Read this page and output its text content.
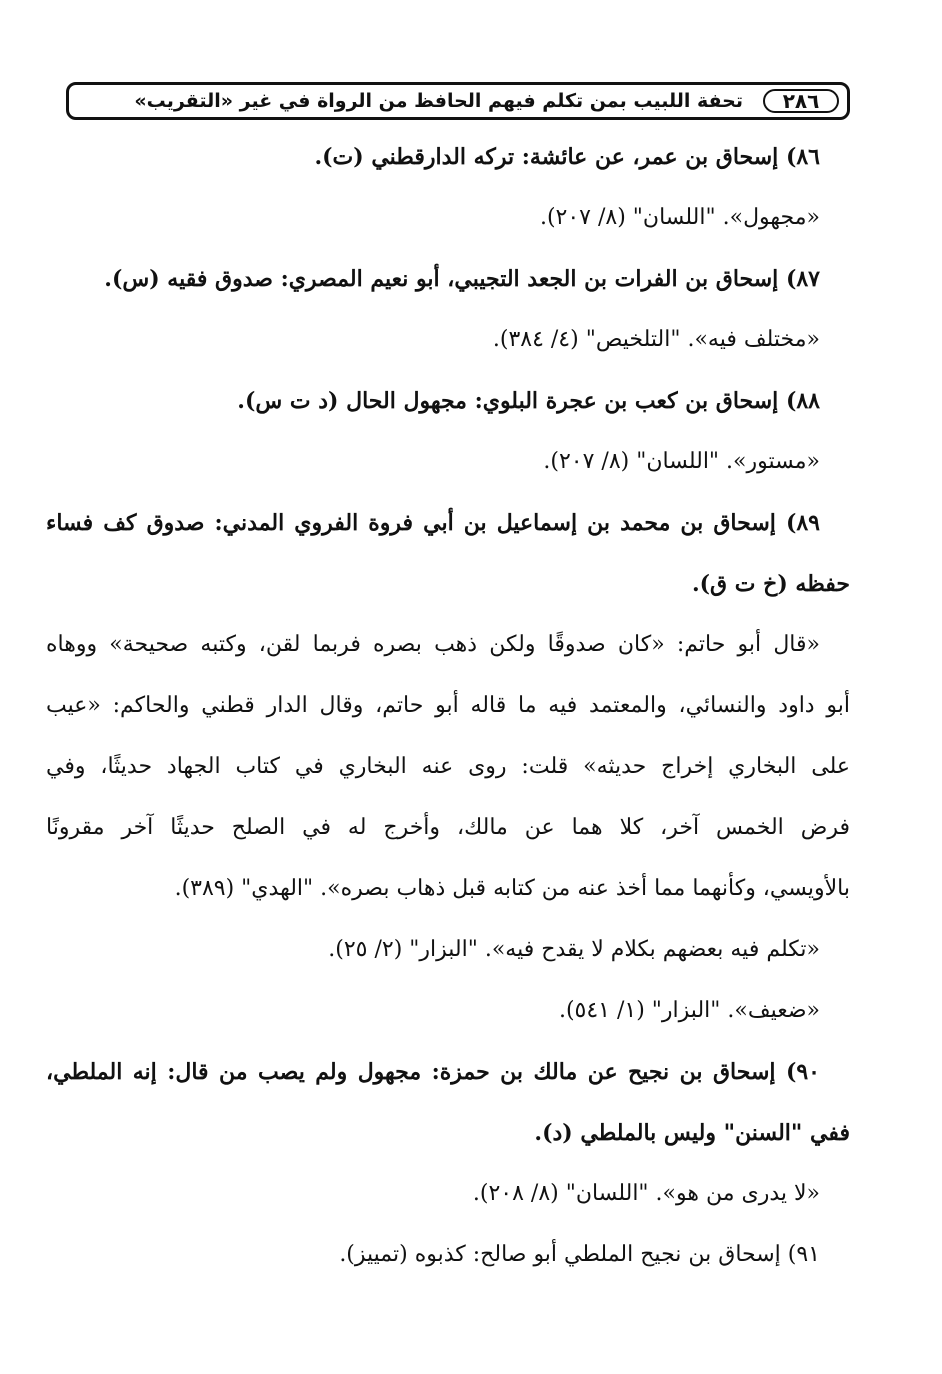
٢٨٦
تحفة اللبيب بمن تكلم فيهم الحافظ من الرواة في غير «التقريب»
٨٦) إسحاق بن عمر، عن عائشة: تركه الدارقطني (ت).
«مجهول». "اللسان" (٨/ ٢٠٧).
٨٧) إسحاق بن الفرات بن الجعد التجيبي، أبو نعيم المصري: صدوق فقيه (س).
«مختلف فيه». "التلخيص" (٤/ ٣٨٤).
٨٨) إسحاق بن كعب بن عجرة البلوي: مجهول الحال (د ت س).
«مستور». "اللسان" (٨/ ٢٠٧).
٨٩) إسحاق بن محمد بن إسماعيل بن أبي فروة الفروي المدني: صدوق كف فساء
حفظه (خ ت ق).
«قال أبو حاتم: «كان صدوقًا ولكن ذهب بصره فربما لقن، وكتبه صحيحة» ووهاه
أبو داود والنسائي، والمعتمد فيه ما قاله أبو حاتم، وقال الدار قطني والحاكم: «عيب
على البخاري إخراج حديثه» قلت: روى عنه البخاري في كتاب الجهاد حديثًا، وفي
فرض الخمس آخر، كلا هما عن مالك، وأخرج له في الصلح حديثًا آخر مقرونًا
بالأويسي، وكأنهما مما أخذ عنه من كتابه قبل ذهاب بصره». "الهدي" (٣٨٩).
«تكلم فيه بعضهم بكلام لا يقدح فيه». "البزار" (٢/ ٢٥).
«ضعيف». "البزار" (١/ ٥٤١).
٩٠) إسحاق بن نجيح عن مالك بن حمزة: مجهول ولم يصب من قال: إنه الملطي،
ففي "السنن" وليس بالملطي (د).
«لا يدرى من هو». "اللسان" (٨/ ٢٠٨).
٩١) إسحاق بن نجيح الملطي أبو صالح: كذبوه (تمييز).
